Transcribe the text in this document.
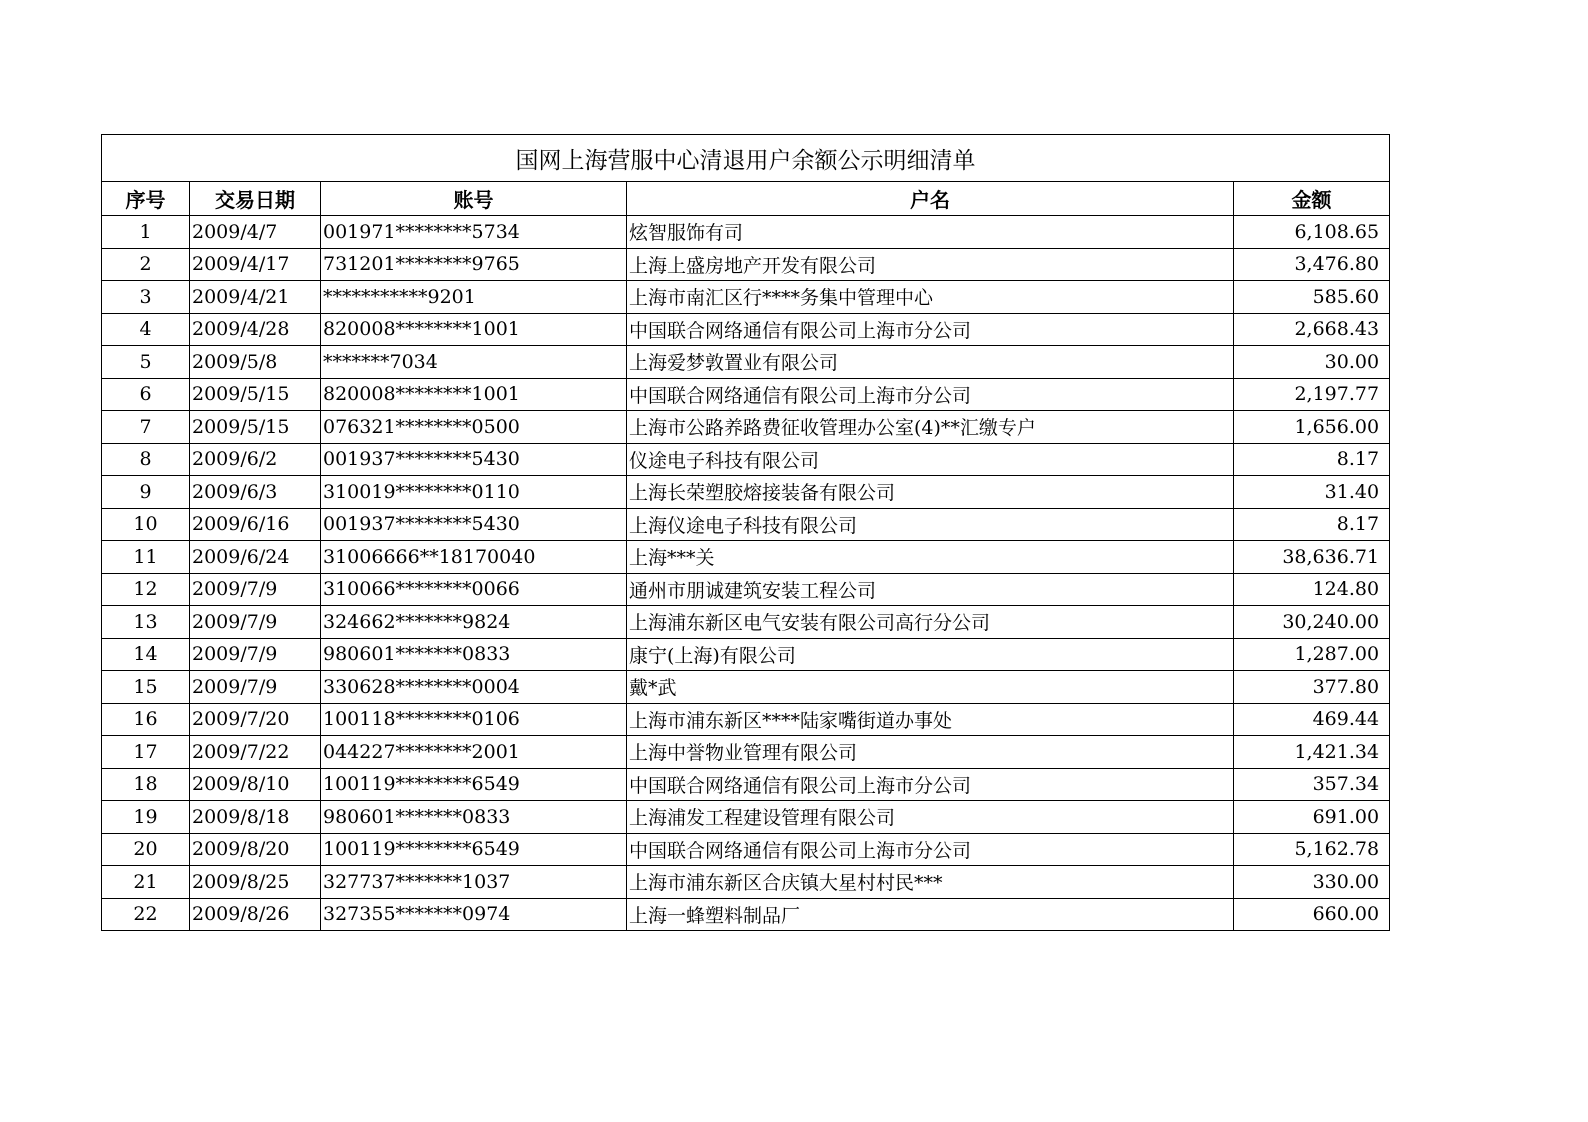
国网上海营服中心清退用户余额公示明细清单				
序号	交易日期	账号	户名	金额
1	2009/4/7	001971********5734	炫智服饰有司	6,108.65
2	2009/4/17	731201********9765	上海上盛房地产开发有限公司	3,476.80
3	2009/4/21	***********9201	上海市南汇区行****务集中管理中心	585.60
4	2009/4/28	820008********1001	中国联合网络通信有限公司上海市分公司	2,668.43
5	2009/5/8	*******7034	上海爱梦敦置业有限公司	30.00
6	2009/5/15	820008********1001	中国联合网络通信有限公司上海市分公司	2,197.77
7	2009/5/15	076321********0500	上海市公路养路费征收管理办公室(4)**汇缴专户	1,656.00
8	2009/6/2	001937********5430	仪途电子科技有限公司	8.17
9	2009/6/3	310019********0110	上海长荣塑胶熔接装备有限公司	31.40
10	2009/6/16	001937********5430	上海仪途电子科技有限公司	8.17
11	2009/6/24	31006666**18170040	上海***关	38,636.71
12	2009/7/9	310066********0066	通州市朋诚建筑安装工程公司	124.80
13	2009/7/9	324662*******9824	上海浦东新区电气安装有限公司高行分公司	30,240.00
14	2009/7/9	980601*******0833	康宁(上海)有限公司	1,287.00
15	2009/7/9	330628********0004	戴*武	377.80
16	2009/7/20	100118********0106	上海市浦东新区****陆家嘴街道办事处	469.44
17	2009/7/22	044227********2001	上海中誉物业管理有限公司	1,421.34
18	2009/8/10	100119********6549	中国联合网络通信有限公司上海市分公司	357.34
19	2009/8/18	980601*******0833	上海浦发工程建设管理有限公司	691.00
20	2009/8/20	100119********6549	中国联合网络通信有限公司上海市分公司	5,162.78
21	2009/8/25	327737*******1037	上海市浦东新区合庆镇大星村村民***	330.00
22	2009/8/26	327355*******0974	上海一蜂塑料制品厂	660.00
